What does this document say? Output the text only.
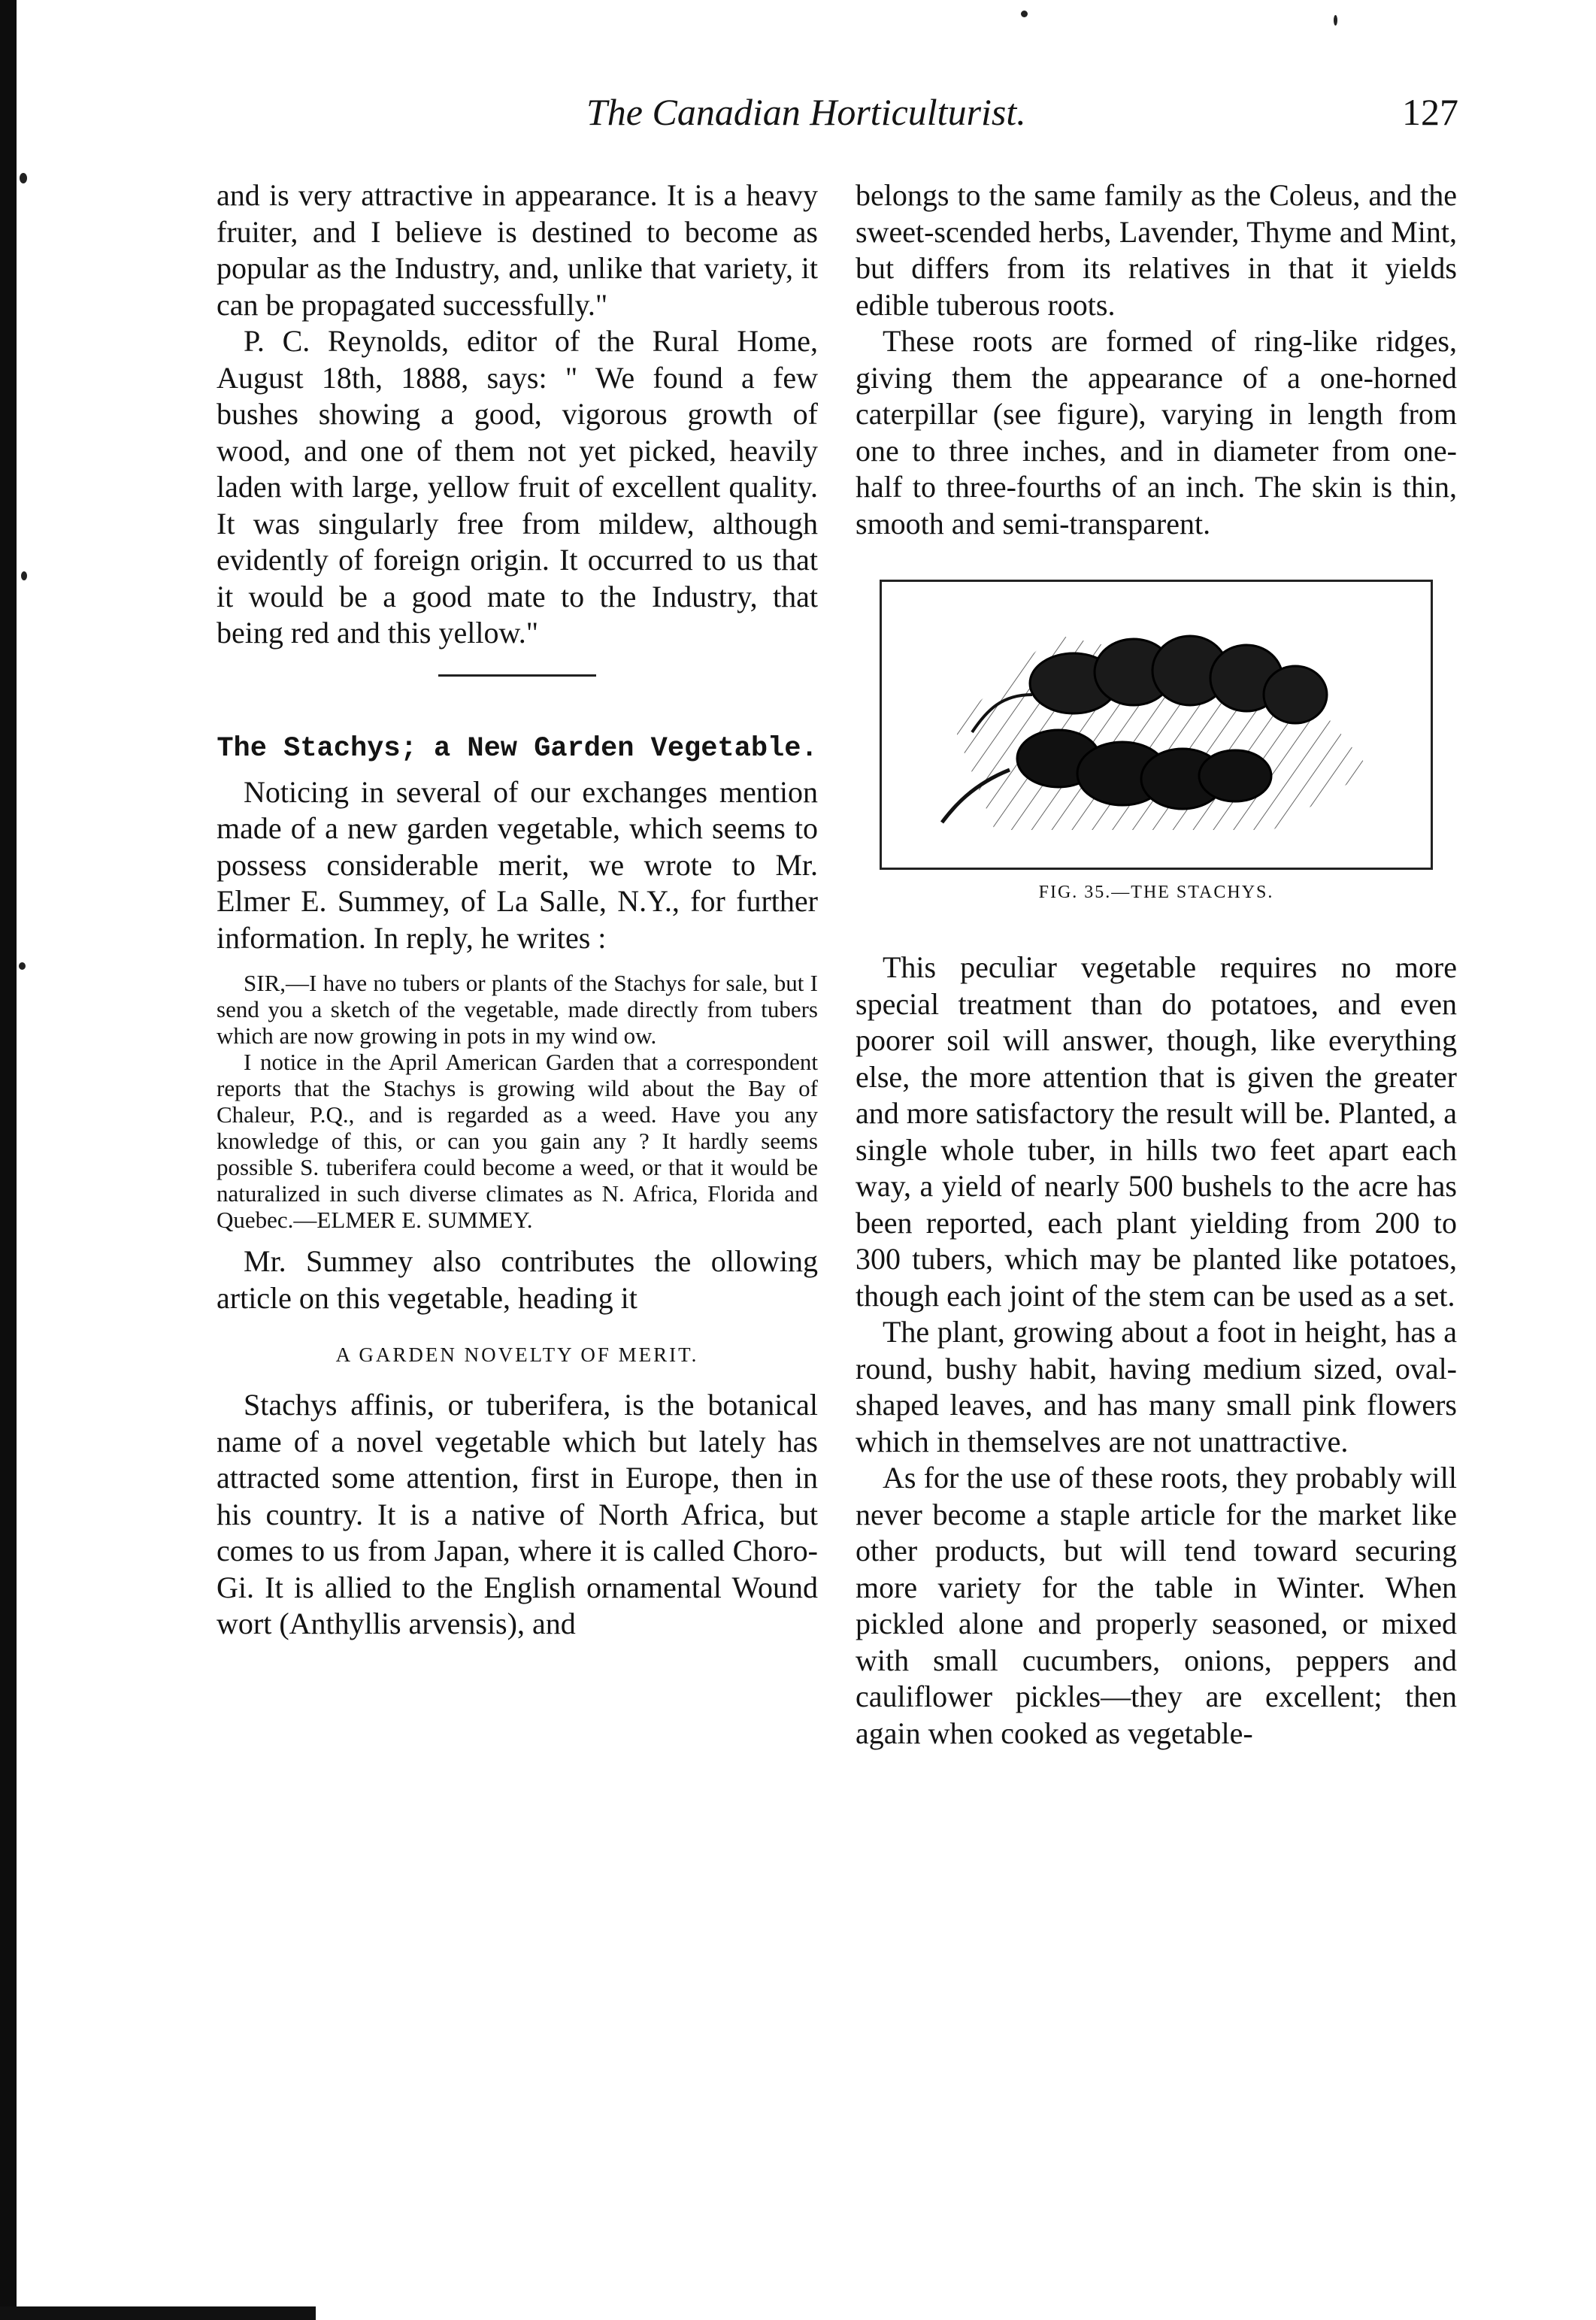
The Canadian Horticulturist.	127

and is very attractive in appearance. It is a heavy fruiter, and I believe is destined to become as popular as the Industry, and, unlike that variety, it can be propagated successfully."

P. C. Reynolds, editor of the Rural Home, August 18th, 1888, says: " We found a few bushes showing a good, vigorous growth of wood, and one of them not yet picked, heavily laden with large, yellow fruit of excellent quality. It was singularly free from mildew, although evidently of foreign origin. It occurred to us that it would be a good mate to the Industry, that being red and this yellow."

The Stachys; a New Garden Vegetable.

Noticing in several of our exchanges mention made of a new garden vegetable, which seems to possess considerable merit, we wrote to Mr. Elmer E. Summey, of La Salle, N.Y., for further information. In reply, he writes :

SIR,—I have no tubers or plants of the Stachys for sale, but I send you a sketch of the vegetable, made directly from tubers which are now growing in pots in my wind ow.

I notice in the April American Garden that a correspondent reports that the Stachys is growing wild about the Bay of Chaleur, P.Q., and is regarded as a weed. Have you any knowledge of this, or can you gain any ? It hardly seems possible S. tuberifera could become a weed, or that it would be naturalized in such diverse climates as N. Africa, Florida and Quebec.—ELMER E. SUMMEY.

Mr. Summey also contributes the ollowing article on this vegetable, heading it

A GARDEN NOVELTY OF MERIT.

Stachys affinis, or tuberifera, is the botanical name of a novel vegetable which but lately has attracted some attention, first in Europe, then in his country. It is a native of North Africa, but comes to us from Japan, where it is called Choro-Gi. It is allied to the English ornamental Wound wort (Anthyllis arvensis), and

belongs to the same family as the Coleus, and the sweet-scended herbs, Lavender, Thyme and Mint, but differs from its relatives in that it yields edible tuberous roots.

These roots are formed of ring-like ridges, giving them the appearance of a one-horned caterpillar (see figure), varying in length from one to three inches, and in diameter from one-half to three-fourths of an inch. The skin is thin, smooth and semi-transparent.

FIG. 35.—THE STACHYS.

This peculiar vegetable requires no more special treatment than do potatoes, and even poorer soil will answer, though, like everything else, the more attention that is given the greater and more satisfactory the result will be. Planted, a single whole tuber, in hills two feet apart each way, a yield of nearly 500 bushels to the acre has been reported, each plant yielding from 200 to 300 tubers, which may be planted like potatoes, though each joint of the stem can be used as a set.

The plant, growing about a foot in height, has a round, bushy habit, having medium sized, oval-shaped leaves, and has many small pink flowers which in themselves are not unattractive.

As for the use of these roots, they probably will never become a staple article for the market like other products, but will tend toward securing more variety for the table in Winter. When pickled alone and properly seasoned, or mixed with small cucumbers, onions, peppers and cauliflower pickles—they are excellent; then again when cooked as vegetable-
